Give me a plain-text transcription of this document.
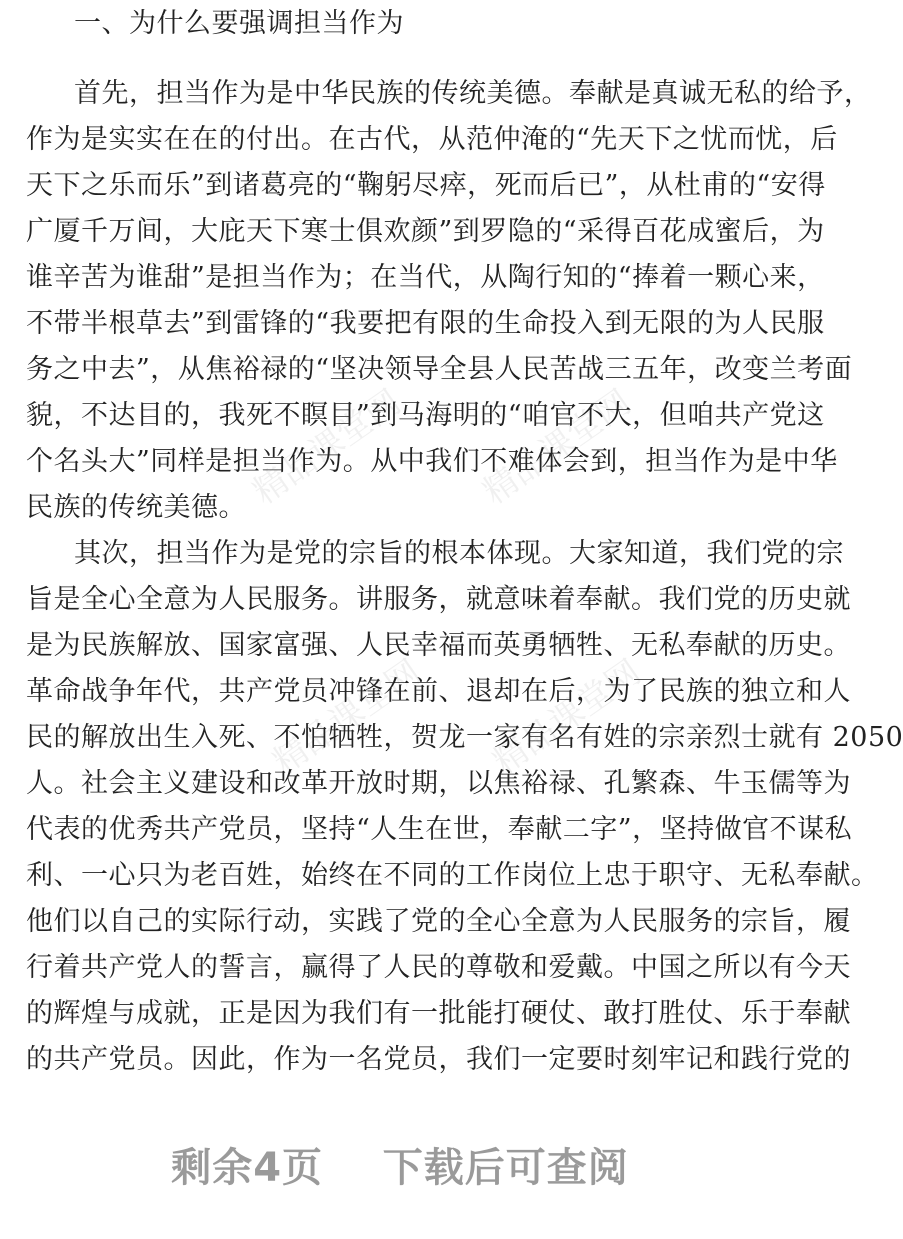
精品课堂网 精品课堂网
精品课堂网 精品课堂网
一、为什么要强调担当作为
首先，担当作为是中华民族的传统美德。奉献是真诚无私的给予，
作为是实实在在的付出。在古代，从范仲淹的“先天下之忧而忧，后
天下之乐而乐”到诸葛亮的“鞠躬尽瘁，死而后已”，从杜甫的“安得
广厦千万间，大庇天下寒士俱欢颜”到罗隐的“采得百花成蜜后，为
谁辛苦为谁甜”是担当作为；在当代，从陶行知的“捧着一颗心来，
不带半根草去”到雷锋的“我要把有限的生命投入到无限的为人民服
务之中去”，从焦裕禄的“坚决领导全县人民苦战三五年，改变兰考面
貌，不达目的，我死不瞑目”到马海明的“咱官不大，但咱共产党这
个名头大”同样是担当作为。从中我们不难体会到，担当作为是中华
民族的传统美德。
其次，担当作为是党的宗旨的根本体现。大家知道，我们党的宗
旨是全心全意为人民服务。讲服务，就意味着奉献。我们党的历史就
是为民族解放、国家富强、人民幸福而英勇牺牲、无私奉献的历史。
革命战争年代，共产党员冲锋在前、退却在后，为了民族的独立和人
民的解放出生入死、不怕牺牲，贺龙一家有名有姓的宗亲烈士就有 2050
人。社会主义建设和改革开放时期，以焦裕禄、孔繁森、牛玉儒等为
代表的优秀共产党员，坚持“人生在世，奉献二字”，坚持做官不谋私
利、一心只为老百姓，始终在不同的工作岗位上忠于职守、无私奉献。
他们以自己的实际行动，实践了党的全心全意为人民服务的宗旨，履
行着共产党人的誓言，赢得了人民的尊敬和爱戴。中国之所以有今天
的辉煌与成就，正是因为我们有一批能打硬仗、敢打胜仗、乐于奉献
的共产党员。因此，作为一名党员，我们一定要时刻牢记和践行党的
剩余4页    下载后可查阅
